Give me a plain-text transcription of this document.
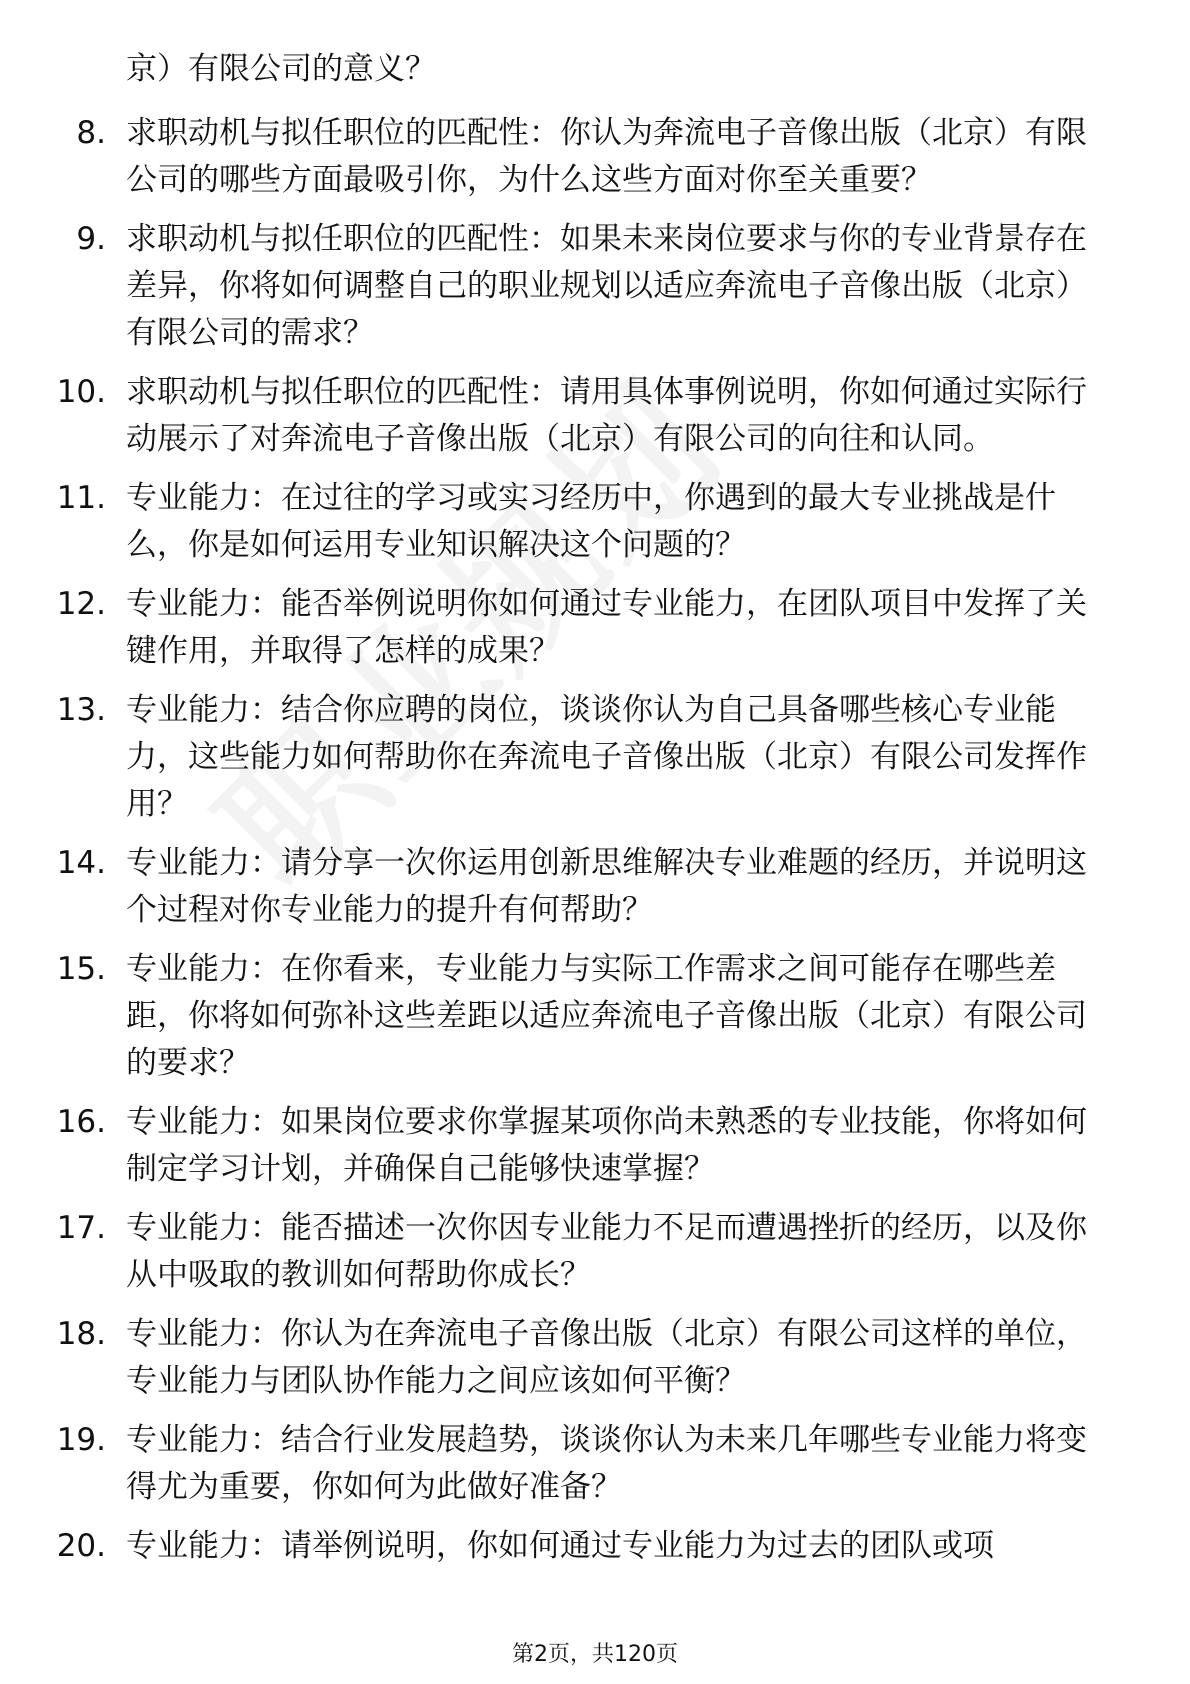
京）有限公司的意义？
8. 求职动机与拟任职位的匹配性：你认为奔流电子音像出版（北京）有限公司的哪些方面最吸引你，为什么这些方面对你至关重要？
9. 求职动机与拟任职位的匹配性：如果未来岗位要求与你的专业背景存在差异，你将如何调整自己的职业规划以适应奔流电子音像出版（北京）有限公司的需求？
10. 求职动机与拟任职位的匹配性：请用具体事例说明，你如何通过实际行动展示了对奔流电子音像出版（北京）有限公司的向往和认同。
11. 专业能力：在过往的学习或实习经历中，你遇到的最大专业挑战是什么，你是如何运用专业知识解决这个问题的？
12. 专业能力：能否举例说明你如何通过专业能力，在团队项目中发挥了关键作用，并取得了怎样的成果？
13. 专业能力：结合你应聘的岗位，谈谈你认为自己具备哪些核心专业能力，这些能力如何帮助你在奔流电子音像出版（北京）有限公司发挥作用？
14. 专业能力：请分享一次你运用创新思维解决专业难题的经历，并说明这个过程对你专业能力的提升有何帮助？
15. 专业能力：在你看来，专业能力与实际工作需求之间可能存在哪些差距，你将如何弥补这些差距以适应奔流电子音像出版（北京）有限公司的要求？
16. 专业能力：如果岗位要求你掌握某项你尚未熟悉的专业技能，你将如何制定学习计划，并确保自己能够快速掌握？
17. 专业能力：能否描述一次你因专业能力不足而遭遇挫折的经历，以及你从中吸取的教训如何帮助你成长？
18. 专业能力：你认为在奔流电子音像出版（北京）有限公司这样的单位，专业能力与团队协作能力之间应该如何平衡？
19. 专业能力：结合行业发展趋势，谈谈你认为未来几年哪些专业能力将变得尤为重要，你如何为此做好准备？
20. 专业能力：请举例说明，你如何通过专业能力为过去的团队或项
第2页，共120页
